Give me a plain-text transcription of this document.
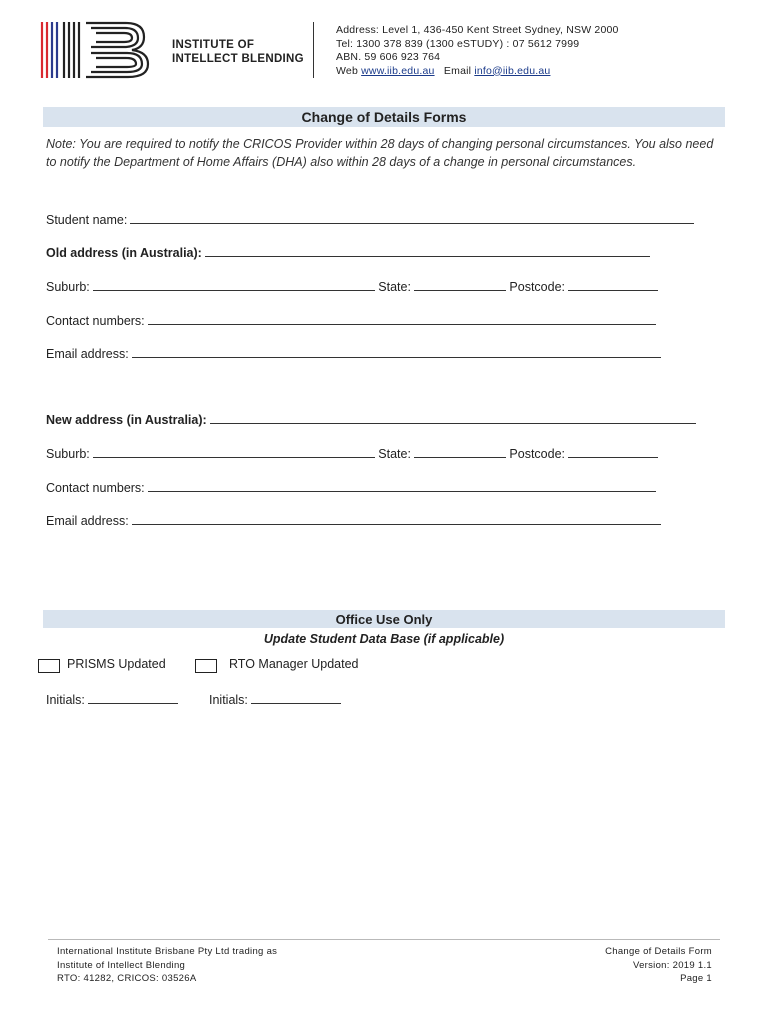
INSTITUTE OF
INTELLECT BLENDING
Address: Level 1, 436-450 Kent Street Sydney, NSW 2000
Tel: 1300 378 839 (1300 eSTUDY) : 07 5612 7999
ABN. 59 606 923 764
Web www.iib.edu.au Email info@iib.edu.au
Change of Details Forms
Note: You are required to notify the CRICOS Provider within 28 days of changing personal circumstances. You also need to notify the Department of Home Affairs (DHA) also within 28 days of a change in personal circumstances.
Student name:
Old address (in Australia):
Suburb:	State:	Postcode:
Contact numbers:
Email address:
New address (in Australia):
Suburb:	State:	Postcode:
Contact numbers:
Email address:
Office Use Only
Update Student Data Base (if applicable)
PRISMS Updated	RTO Manager Updated
Initials:	Initials:
International Institute Brisbane Pty Ltd trading as
Institute of Intellect Blending
RTO: 41282, CRICOS: 03526A
Change of Details Form
Version: 2019 1.1
Page 1
